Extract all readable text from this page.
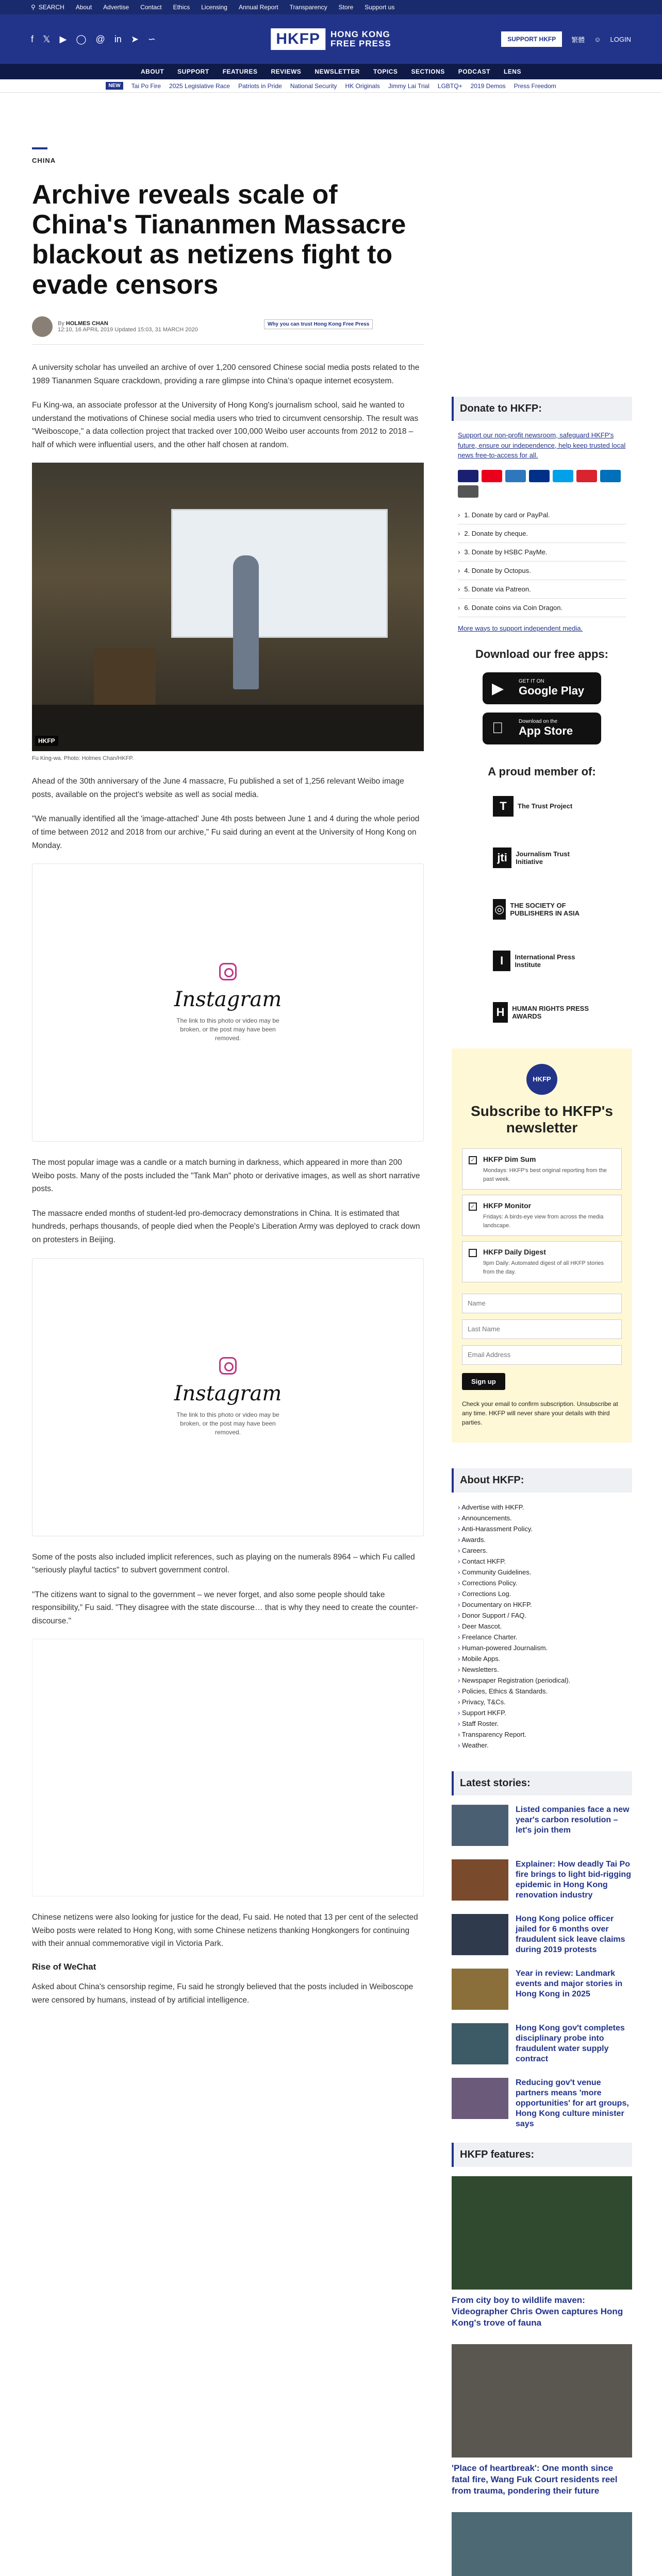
⚲ SEARCH About Advertise Contact Ethics Licensing Annual Report Transparency Store Support us
f 𝕏 ▶ ◯ @ in ➤ ∽	HKFP	HONG KONG
FREE PRESS	SUPPORT HKFP	繁體 ☺ LOGIN
ABOUT SUPPORT FEATURES REVIEWS NEWSLETTER TOPICS SECTIONS PODCAST LENS
NEW	Tai Po Fire 2025 Legislative Race Patriots in Pride National Security HK Originals Jimmy Lai Trial LGBTQ+ 2019 Demos Press Freedom
CHINA
Archive reveals scale of China's Tiananmen Massacre blackout as netizens fight to evade censors
By HOLMES CHAN
12:10, 16 APRIL 2019 Updated 15:03, 31 MARCH 2020
Why you can trust Hong Kong Free Press

A university scholar has unveiled an archive of over 1,200 censored Chinese social media posts related to the 1989 Tiananmen Square crackdown, providing a rare glimpse into China's opaque internet ecosystem.

Fu King-wa, an associate professor at the University of Hong Kong's journalism school, said he wanted to understand the motivations of Chinese social media users who tried to circumvent censorship. The result was "Weiboscope," a data collection project that tracked over 100,000 Weibo user accounts from 2012 to 2018 – half of which were influential users, and the other half chosen at random.

HKFP
Fu King-wa. Photo: Holmes Chan/HKFP.

Ahead of the 30th anniversary of the June 4 massacre, Fu published a set of 1,256 relevant Weibo image posts, available on the project's website as well as social media.

"We manually identified all the 'image-attached' June 4th posts between June 1 and 4 during the whole period of time between 2012 and 2018 from our archive," Fu said during an event at the University of Hong Kong on Monday.

Instagram
The link to this photo or video may be broken, or the post may have been removed.

The most popular image was a candle or a match burning in darkness, which appeared in more than 200 Weibo posts. Many of the posts included the "Tank Man" photo or derivative images, as well as short narrative posts.

The massacre ended months of student-led pro-democracy demonstrations in China. It is estimated that hundreds, perhaps thousands, of people died when the People's Liberation Army was deployed to crack down on protesters in Beijing.

Instagram
The link to this photo or video may be broken, or the post may have been removed.

Some of the posts also included implicit references, such as playing on the numerals 8964 – which Fu called "seriously playful tactics" to subvert government control.

"The citizens want to signal to the government – we never forget, and also some people should take responsibility," Fu said. "They disagree with the state discourse… that is why they need to create the counter-discourse."

Chinese netizens were also looking for justice for the dead, Fu said. He noted that 13 per cent of the selected Weibo posts were related to Hong Kong, with some Chinese netizens thanking Hongkongers for continuing with their annual commemorative vigil in Victoria Park.

Rise of WeChat

Asked about China's censorship regime, Fu said he strongly believed that the posts included in Weiboscope were censored by humans, instead of by artificial intelligence.

Donate to HKFP:
Support our non-profit newsroom, safeguard HKFP's future, ensure our independence, help keep trusted local news free-to-access for all.
› 1. Donate by card or PayPal.
› 2. Donate by cheque.
› 3. Donate by HSBC PayMe.
› 4. Donate by Octopus.
› 5. Donate via Patreon.
› 6. Donate coins via Coin Dragon.
More ways to support independent media.
Download our free apps:
▶	GET IT ON
Google Play
Download on the
App Store
A proud member of:
T	The Trust Project
jti	Journalism Trust Initiative
◎ THE SOCIETY OF PUBLISHERS IN ASIA
I	International Press Institute
H	HUMAN RIGHTS PRESS AWARDS
HKFP
Subscribe to HKFP's newsletter
✓ HKFP Dim Sum
Mondays: HKFP's best original reporting from the past week.
✓ HKFP Monitor
Fridays: A birds-eye view from across the media landscape.
HKFP Daily Digest
9pm Daily: Automated digest of all HKFP stories from the day.
Name Last Name Email Address Sign up
Check your email to confirm subscription. Unsubscribe at any time. HKFP will never share your details with third parties.
About HKFP:
› Advertise with HKFP.
› Announcements.
› Anti-Harassment Policy.
› Awards.
› Careers.
› Contact HKFP.
› Community Guidelines.
› Corrections Policy.
› Corrections Log.
› Documentary on HKFP.
› Donor Support / FAQ.
› Deer Mascot.
› Freelance Charter.
› Human-powered Journalism.
› Mobile Apps.
› Newsletters.
› Newspaper Registration (periodical).
› Policies, Ethics & Standards.
› Privacy, T&Cs.
› Support HKFP.
› Staff Roster.
› Transparency Report.
› Weather.
Latest stories:
Listed companies face a new year's carbon resolution – let's join them
Explainer: How deadly Tai Po fire brings to light bid-rigging epidemic in Hong Kong renovation industry
Hong Kong police officer jailed for 6 months over fraudulent sick leave claims during 2019 protests
Year in review: Landmark events and major stories in Hong Kong in 2025
Hong Kong gov't completes disciplinary probe into fraudulent water supply contract
Reducing gov't venue partners means 'more opportunities' for art groups, Hong Kong culture minister says
HKFP features:
From city boy to wildlife maven: Videographer Chris Owen captures Hong Kong's trove of fauna
'Place of heartbreak': One month since fatal fire, Wang Fuk Court residents reel from trauma, pondering their future
